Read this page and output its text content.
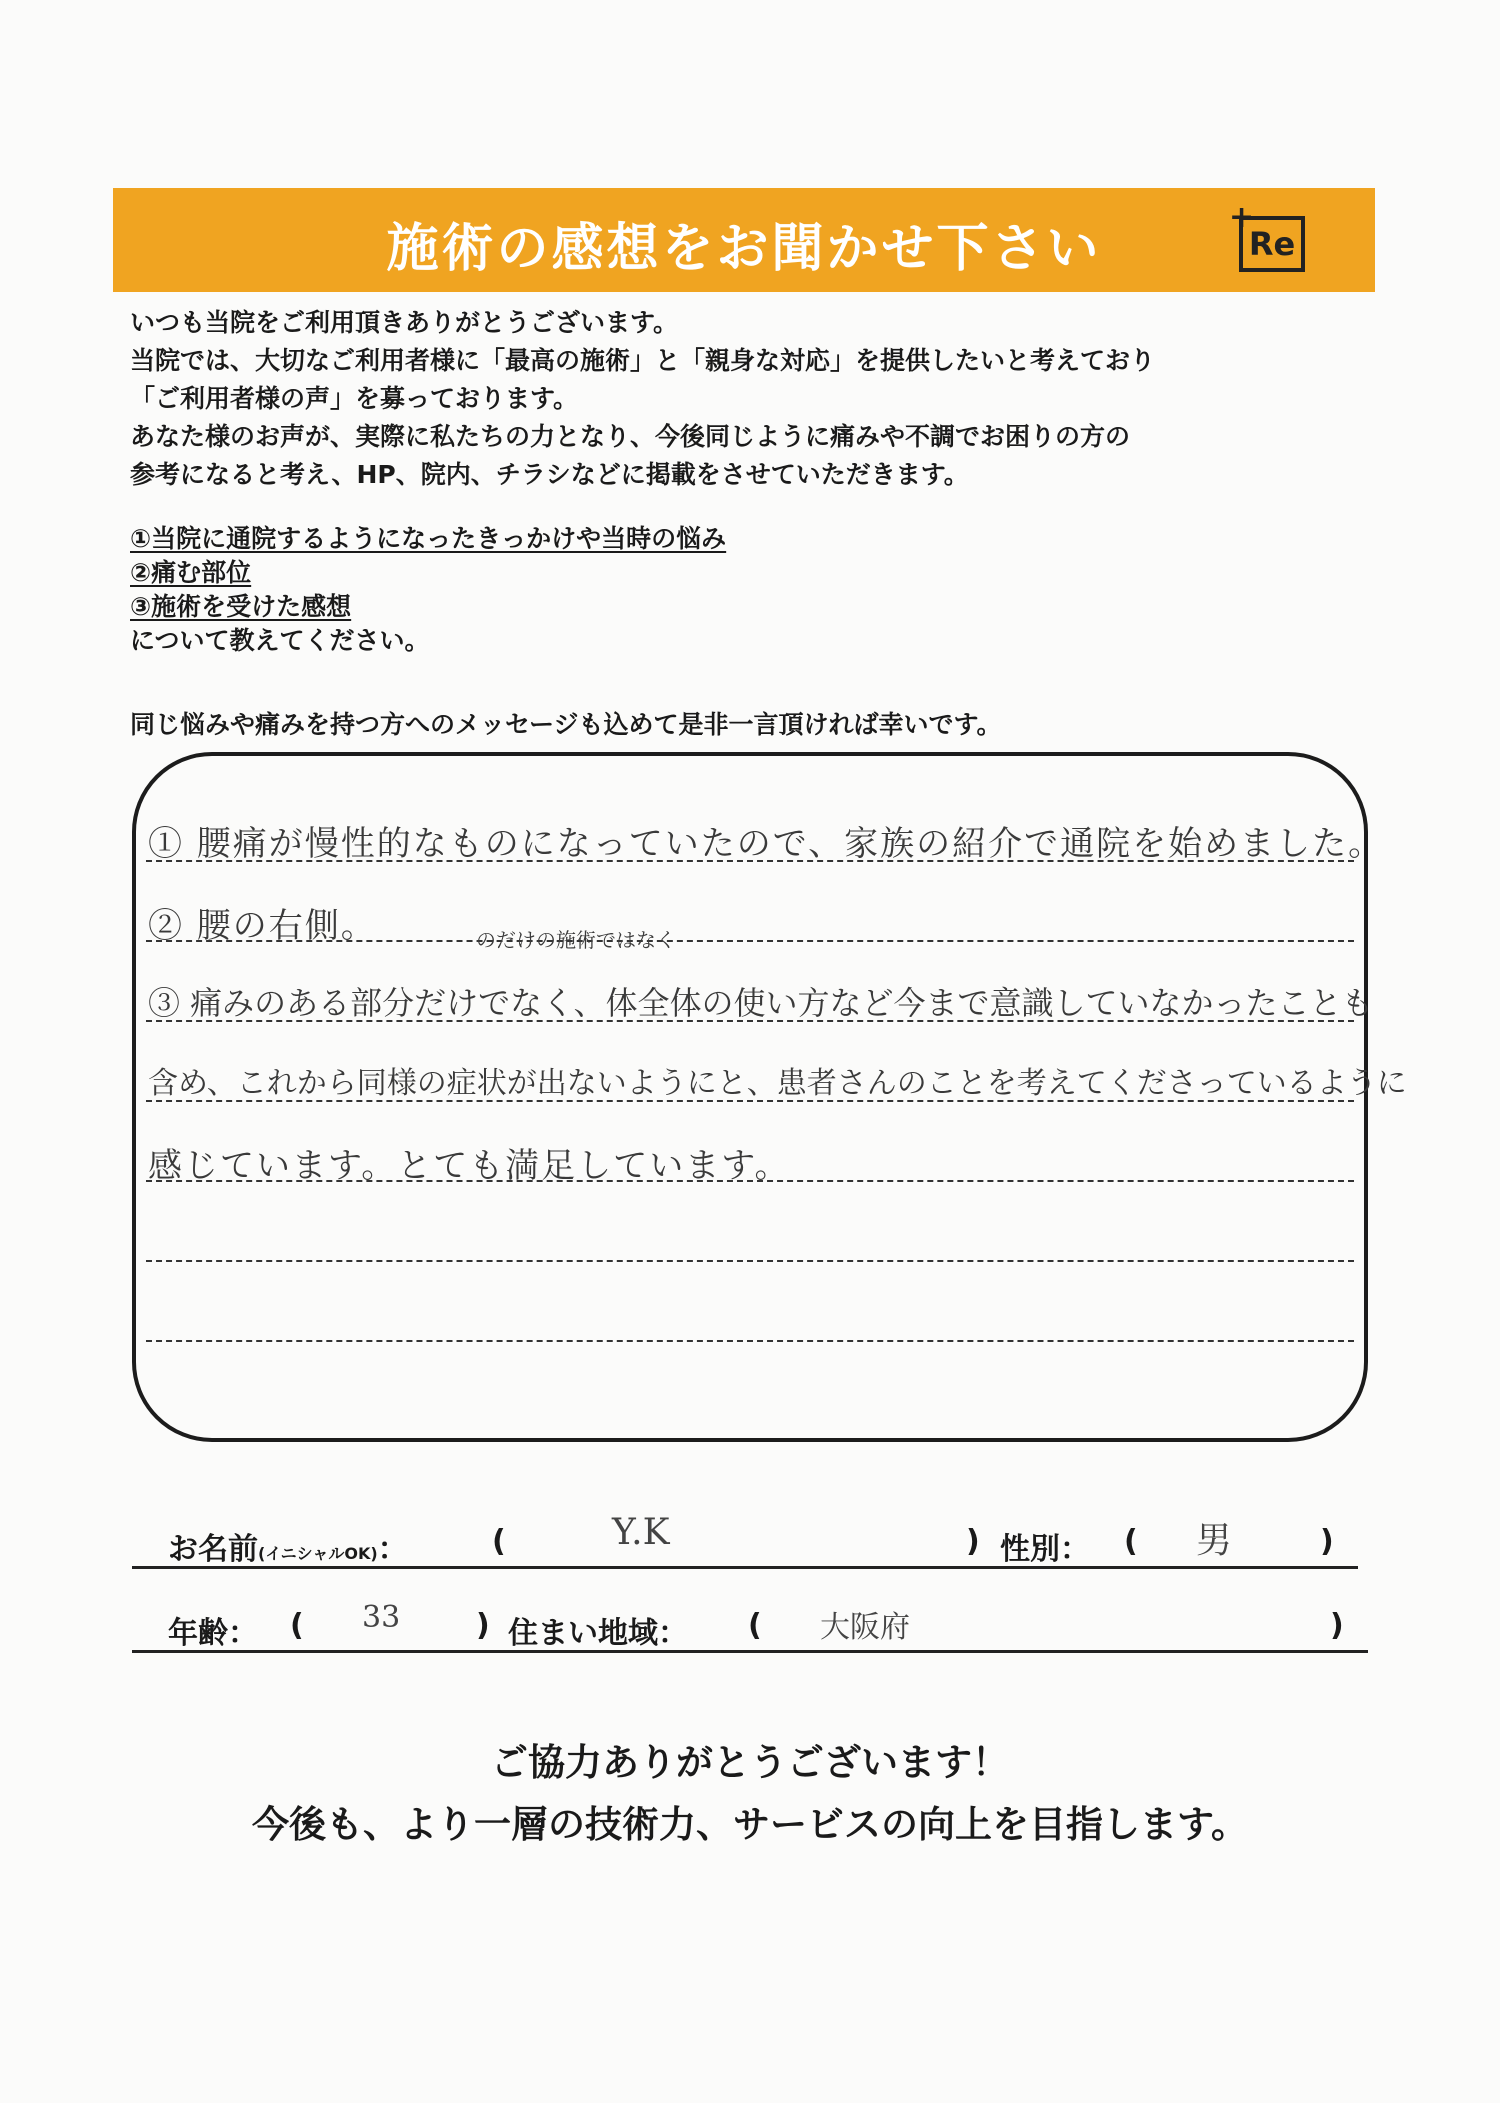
施術の感想をお聞かせ下さい
+
Re

いつも当院をご利用頂きありがとうございます。

当院では、大切なご利用者様に「最高の施術」と「親身な対応」を提供したいと考えており

「ご利用者様の声」を募っております。

あなた様のお声が、実際に私たちの力となり、今後同じように痛みや不調でお困りの方の

参考になると考え、HP、院内、チラシなどに掲載をさせていただきます。

①当院に通院するようになったきっかけや当時の悩み

②痛む部位

③施術を受けた感想

について教えてください。

同じ悩みや痛みを持つ方へのメッセージも込めて是非一言頂ければ幸いです。
① 腰痛が慢性的なものになっていたので、家族の紹介で通院を始めました。
② 腰の右側。	のだけの施術ではなく
③ 痛みのある部分だけでなく、体全体の使い方など今まで意識していなかったことも
含め、これから同様の症状が出ないようにと、患者さんのことを考えてくださっているように
感じています。とても満足しています。
お名前(イニシャルOK)：	(	Y.K	) 性別： ( 男	)
年齢： ( 33	) 住まい地域： ( 大阪府	)
ご協力ありがとうございます！
今後も、より一層の技術力、サービスの向上を目指します。
